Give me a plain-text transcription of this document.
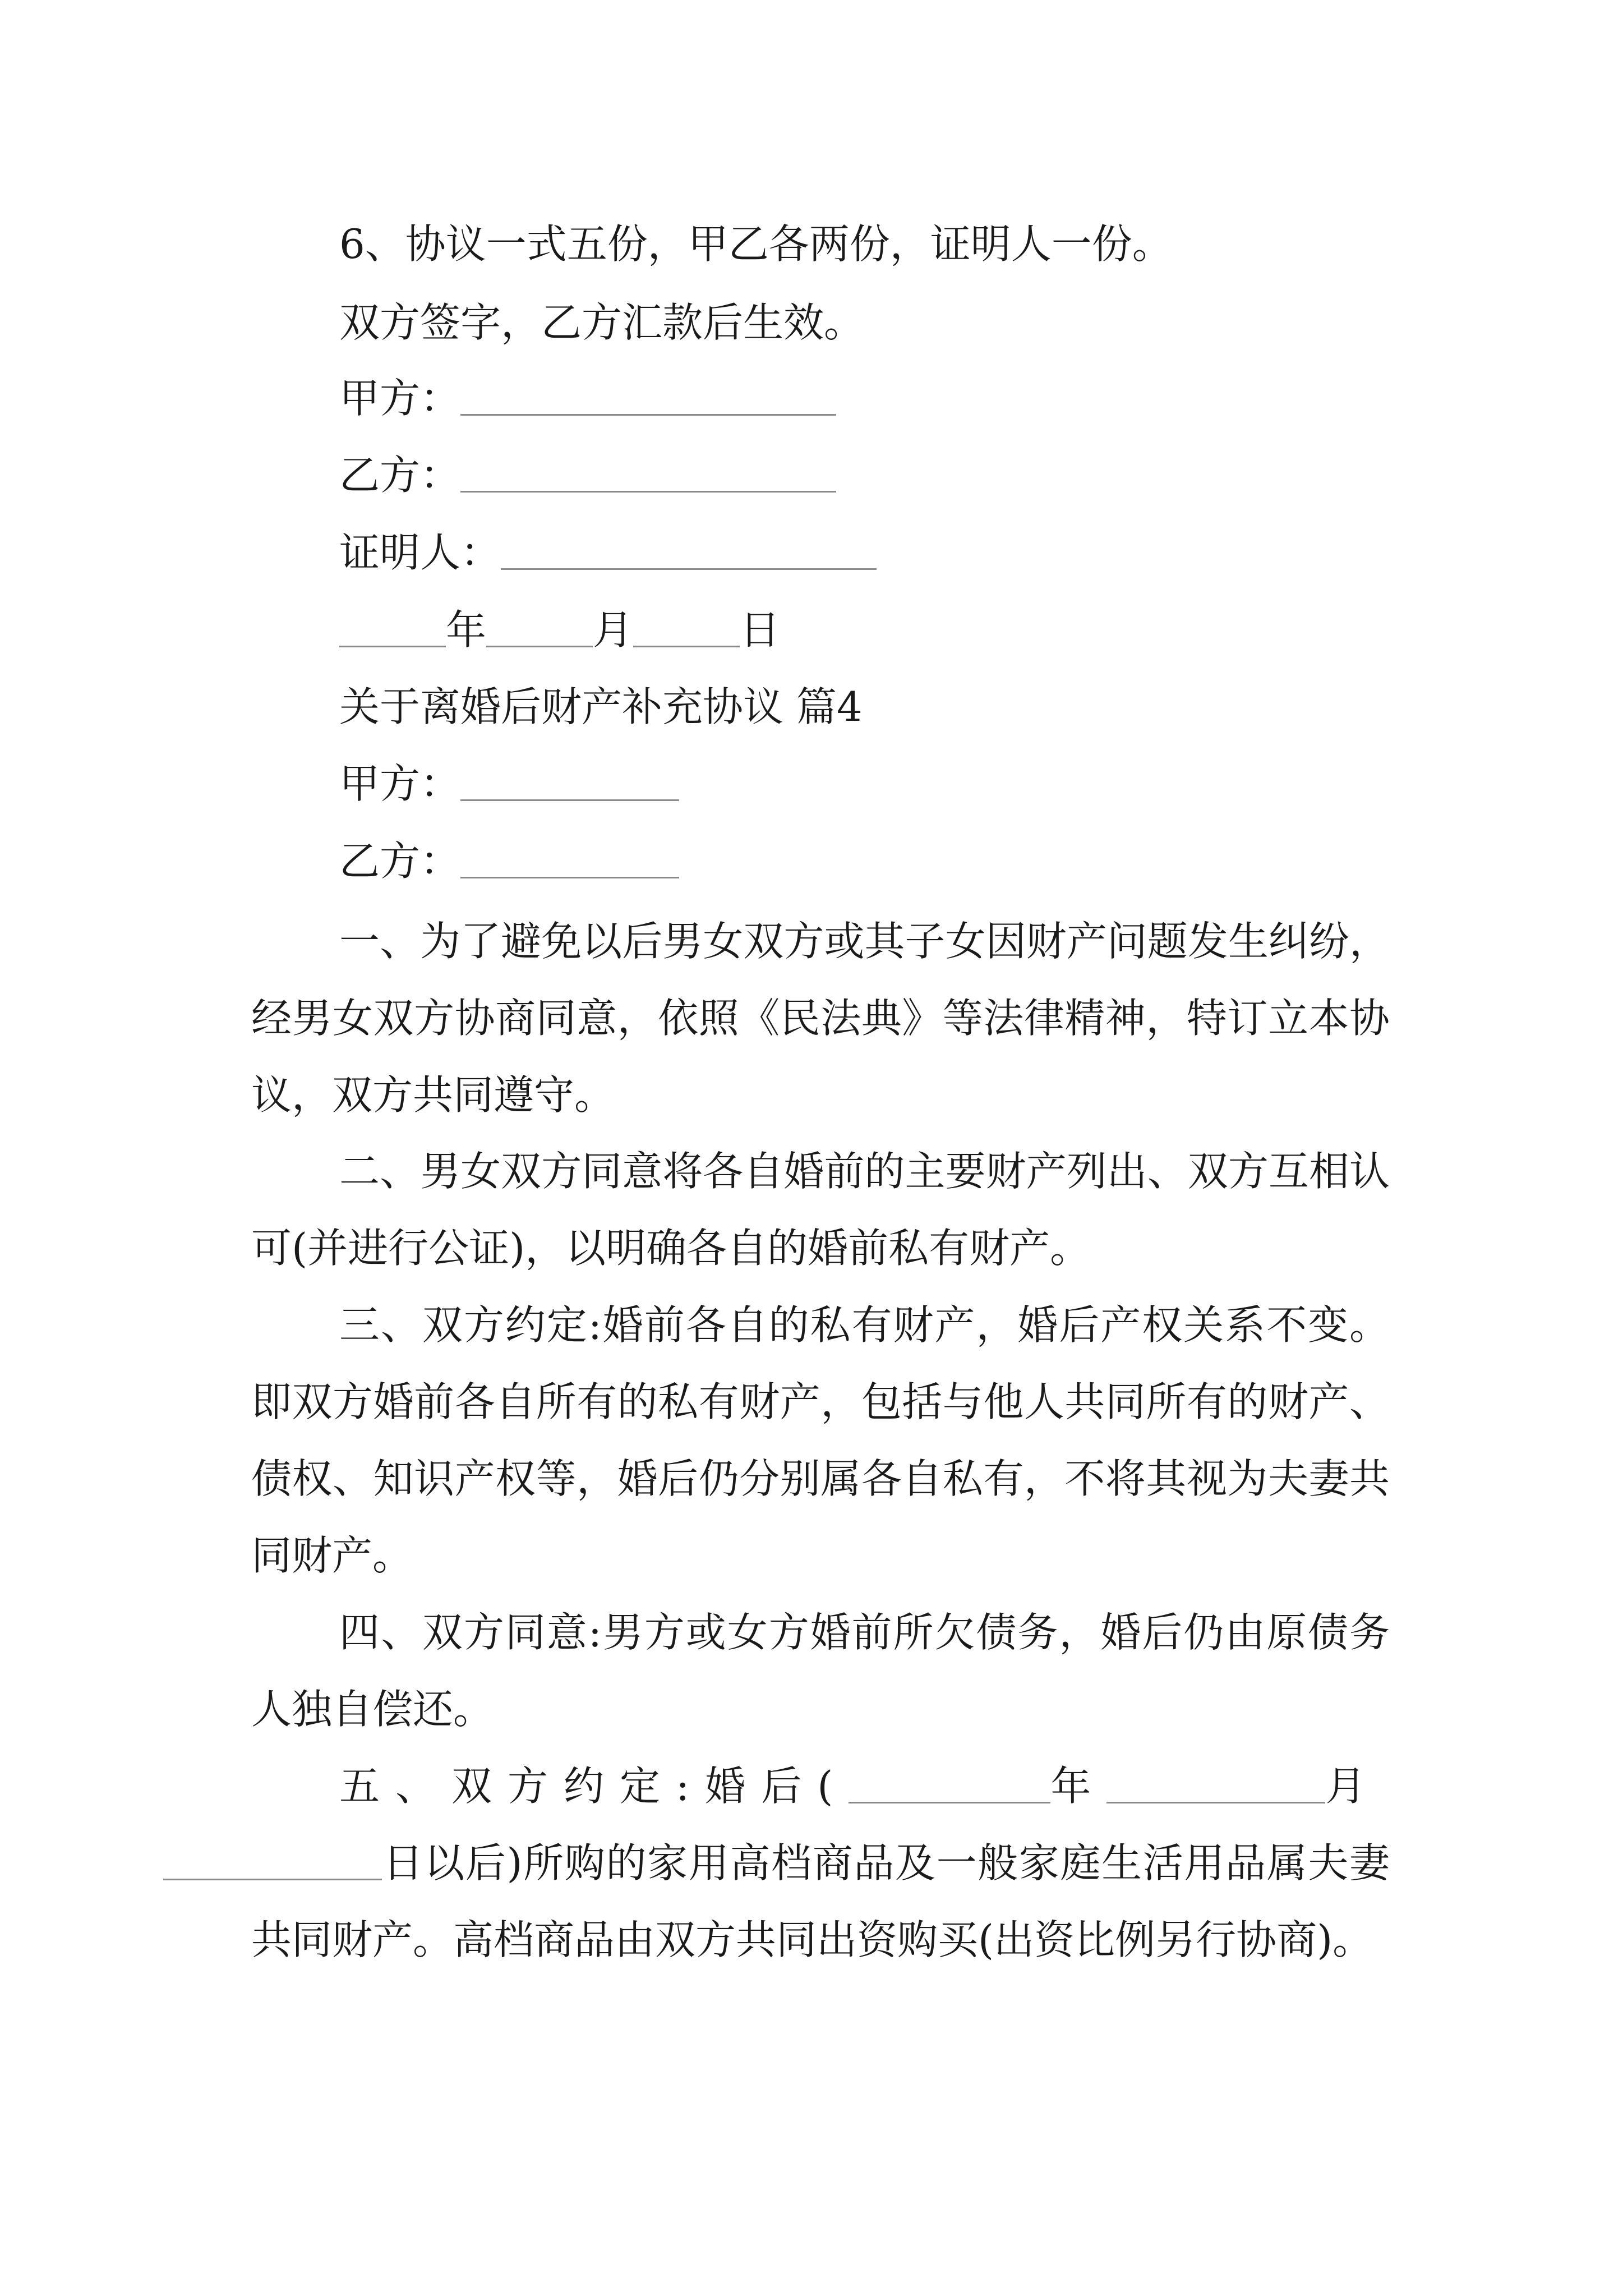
6、协议一式五份，甲乙各两份，证明人一份。
双方签字，乙方汇款后生效。
甲方：
乙方：
证明人：
年	月	日
关于离婚后财产补充协议 篇4
甲方：
乙方：
一、为了避免以后男女双方或其子女因财产问题发生纠纷，经男女双方协商同意，依照《民法典》等法律精神，特订立本协议，双方共同遵守。
二、男女双方同意将各自婚前的主要财产列出、双方互相认可(并进行公证)，以明确各自的婚前私有财产。
三、双方约定:婚前各自的私有财产，婚后产权关系不变。即双方婚前各自所有的私有财产，包括与他人共同所有的财产、债权、知识产权等，婚后仍分别属各自私有，不将其视为夫妻共同财产。
四、双方同意:男方或女方婚前所欠债务，婚后仍由原债务人独自偿还。
五、双方约定:婚后(	年	月
日以后)所购的家用高档商品及一般家庭生活用品属夫妻共同财产。高档商品由双方共同出资购买(出资比例另行协商)。
